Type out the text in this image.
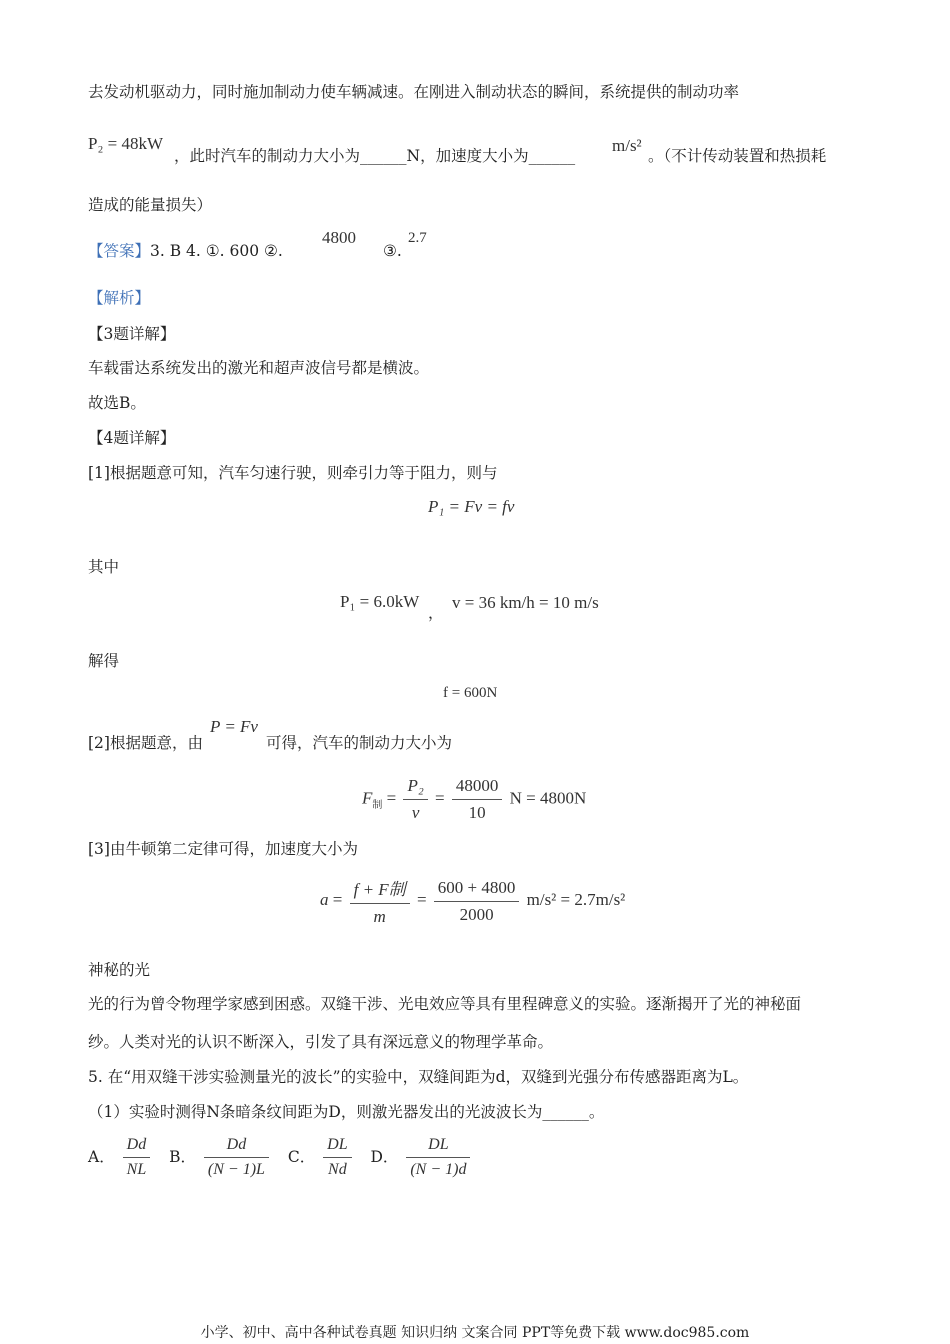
去发动机驱动力，同时施加制动力使车辆减速。在刚进入制动状态的瞬间，系统提供的制动功率
P₂ = 48kW
，此时汽车的制动力大小为______N，加速度大小为______
m/s²
。（不计传动装置和热损耗
造成的能量损失）
【答案】3. B 4. ①. 600 ②.
4800
③.
2.7
【解析】
【3题详解】
车载雷达系统发出的激光和超声波信号都是横波。
故选B。
【4题详解】
[1]根据题意可知，汽车匀速行驶，则牵引力等于阻力，则与
P₁ = Fv = fv
其中
P₁ = 6.0kW
，
v = 36 km/h = 10 m/s
解得
f = 600N
[2]根据题意，由
P = Fv
可得，汽车的制动力大小为
$F_制 = \frac{\text{P₂}}{v} = \frac{48000}{10}$ N = 4800N
[3]由牛顿第二定律可得，加速度大小为
$a = \frac{\text{f + F制}}{m} = \frac{600 + 4800}{2000} m/s^2 = 2.7m/s^2$
神秘的光
光的行为曾令物理学家感到困惑。双缝干涉、光电效应等具有里程碑意义的实验。逐渐揭开了光的神秘面
纱。人类对光的认识不断深入，引发了具有深远意义的物理学革命。
5. 在“用双缝干涉实验测量光的波长”的实验中，双缝间距为d，双缝到光强分布传感器距离为L。
（1）实验时测得N条暗条纹间距为D，则激光器发出的光波波长为______。
A． $\frac{Dd}{NL}$ B． $\frac{Dd}{(N - 1)L}$ C． $\frac{DL}{Nd}$ D． $\frac{DL}{(N - 1)d}$
小学、初中、高中各种试卷真题 知识归纳 文案合同 PPT等免费下载 www.doc985.com
